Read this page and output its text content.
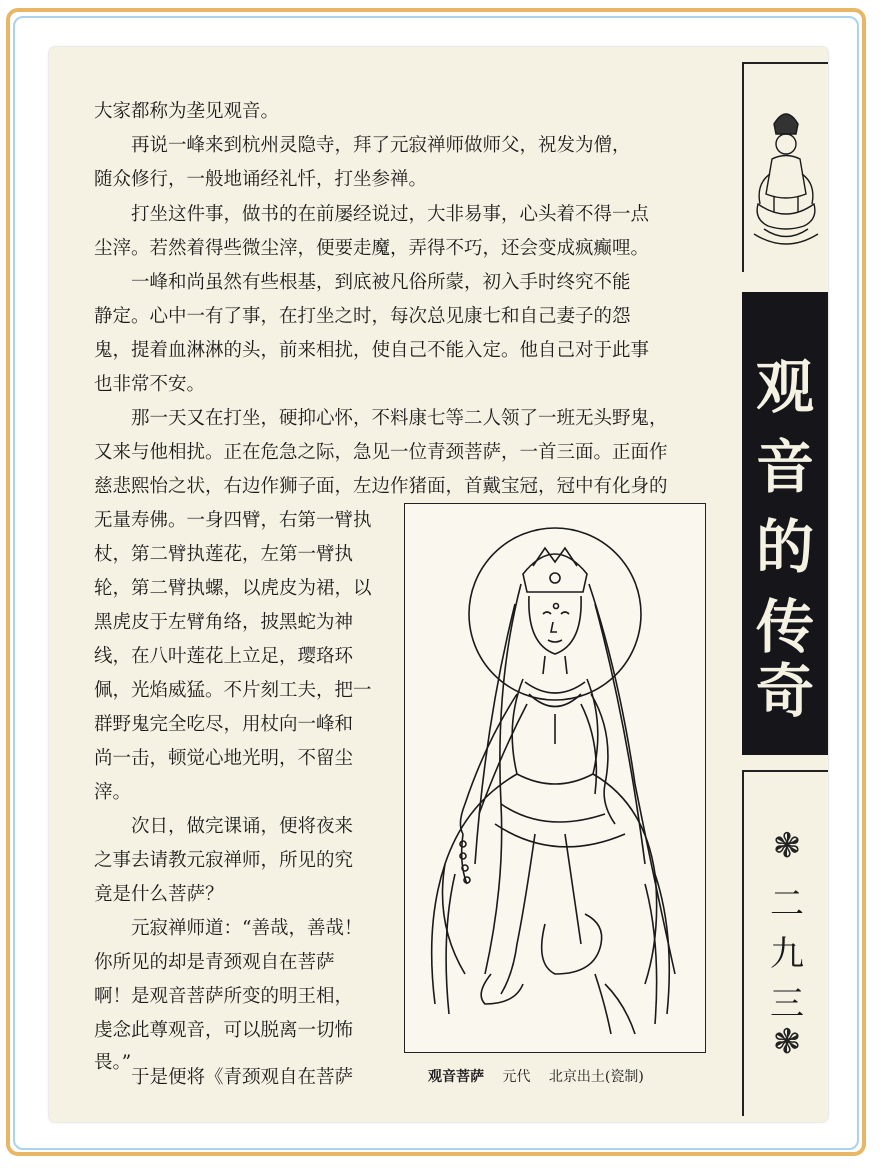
大家都称为垄见观音。
　　再说一峰来到杭州灵隐寺，拜了元寂禅师做师父，祝发为僧，
随众修行，一般地诵经礼忏，打坐参禅。
　　打坐这件事，做书的在前屡经说过，大非易事，心头着不得一点
尘滓。若然着得些微尘滓，便要走魔，弄得不巧，还会变成疯癫哩。
　　一峰和尚虽然有些根基，到底被凡俗所蒙，初入手时终究不能
静定。心中一有了事，在打坐之时，每次总见康七和自己妻子的怨
鬼，提着血淋淋的头，前来相扰，使自己不能入定。他自己对于此事
也非常不安。
　　那一天又在打坐，硬抑心怀，不料康七等二人领了一班无头野鬼，
又来与他相扰。正在危急之际，急见一位青颈菩萨，一首三面。正面作
慈悲熙怡之状，右边作狮子面，左边作猪面，首戴宝冠，冠中有化身的
无量寿佛。一身四臂，右第一臂执
杖，第二臂执莲花，左第一臂执
轮，第二臂执螺，以虎皮为裙，以
黑虎皮于左臂角络，披黑蛇为神
线，在八叶莲花上立足，璎珞环
佩，光焰威猛。不片刻工夫，把一
群野鬼完全吃尽，用杖向一峰和
尚一击，顿觉心地光明，不留尘
滓。
　　次日，做完课诵，便将夜来
之事去请教元寂禅师，所见的究
竟是什么菩萨？
　　元寂禅师道：“善哉，善哉！
你所见的却是青颈观自在菩萨
啊！是观音菩萨所变的明王相，
虔念此尊观音，可以脱离一切怖
畏。”
　　于是便将《青颈观自在菩萨	观音菩萨 元代 北京出土(瓷制)
观
音
的
传
奇
❃
二
九
三
❃
